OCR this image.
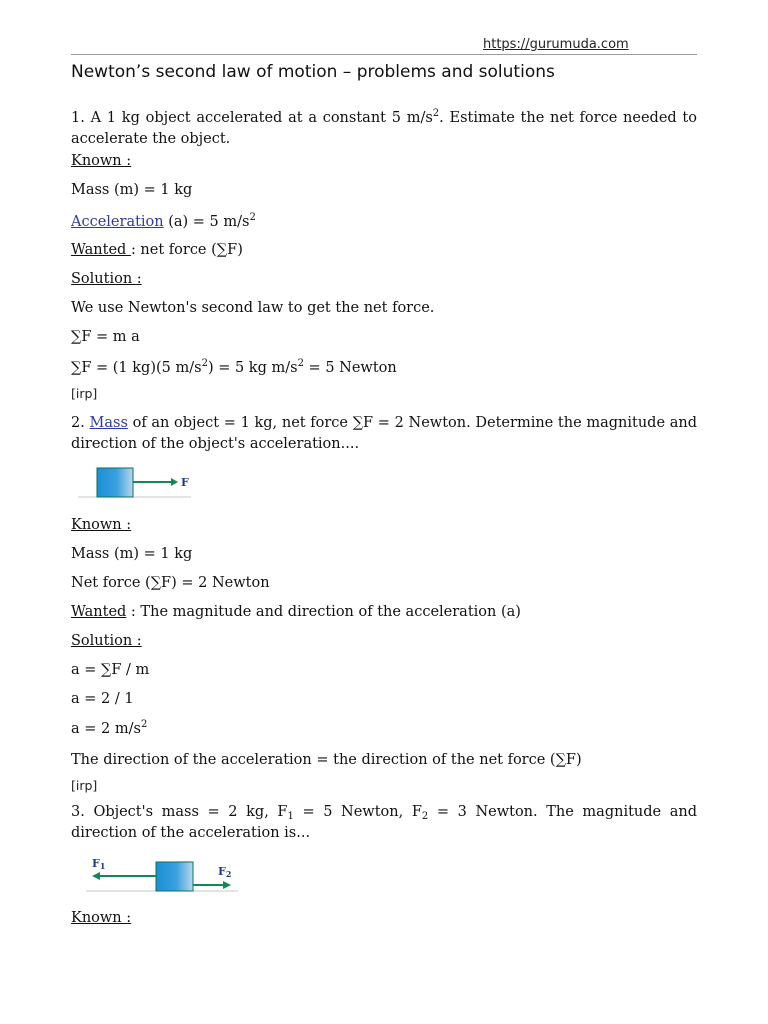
https://gurumuda.com
Newton’s second law of motion – problems and solutions
1. A 1 kg object accelerated at a constant 5 $m/s^2$. Estimate the net force needed to accelerate the object.
Known :
Mass (m) = 1 kg
Acceleration (a) = 5 $m/s^2$
Wanted : net force (∑F)
Solution :
We use Newton's second law to get the net force.
∑F = m a
∑F = (1 kg)(5 $m/s^2) = 5$ kg $m/s^2 = 5$ Newton
[irp]
2. Mass of an object = 1 kg, net force ∑F = 2 Newton. Determine the magnitude and direction of the object's acceleration....
F
Known :
Mass (m) = 1 kg
Net force (∑F) = 2 Newton
Wanted : The magnitude and direction of the acceleration (a)
Solution :
a = ∑F / m
a = 2 / 1
a = 2 $m/s^2$
The direction of the acceleration = the direction of the net force (∑F)
[irp]
3. Object's mass = 2 kg, $F_1 = 5$ Newton, $F_2 = 3$ Newton. The magnitude and direction of the acceleration is...
F1	F2
Known :
